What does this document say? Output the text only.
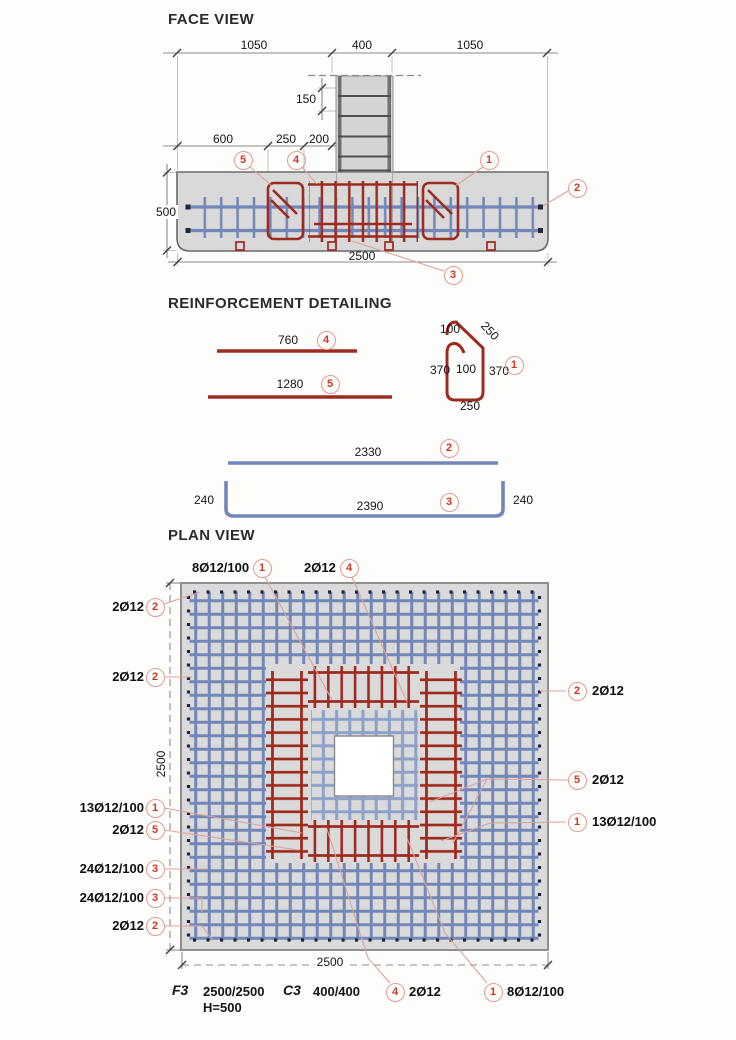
FACE VIEW
1050	400	1050
150
600	250 200
500
2500
5	4	1
2
3
REINFORCEMENT DETAILING
760	4
1280	5
100 250
370 100 370 1
250
2330	2
240	2390	3	240
PLAN VIEW
8Ø12/100 1	2Ø12 4
2Ø12 2
2Ø12 2
13Ø12/100 1
2Ø12 5
24Ø12/100 3
24Ø12/100 3
2Ø12 2
2 2Ø12
5 2Ø12
1 13Ø12/100
2500
2500
4 2Ø12	1 8Ø12/100
F3 2500/2500
H=500
C3 400/400
